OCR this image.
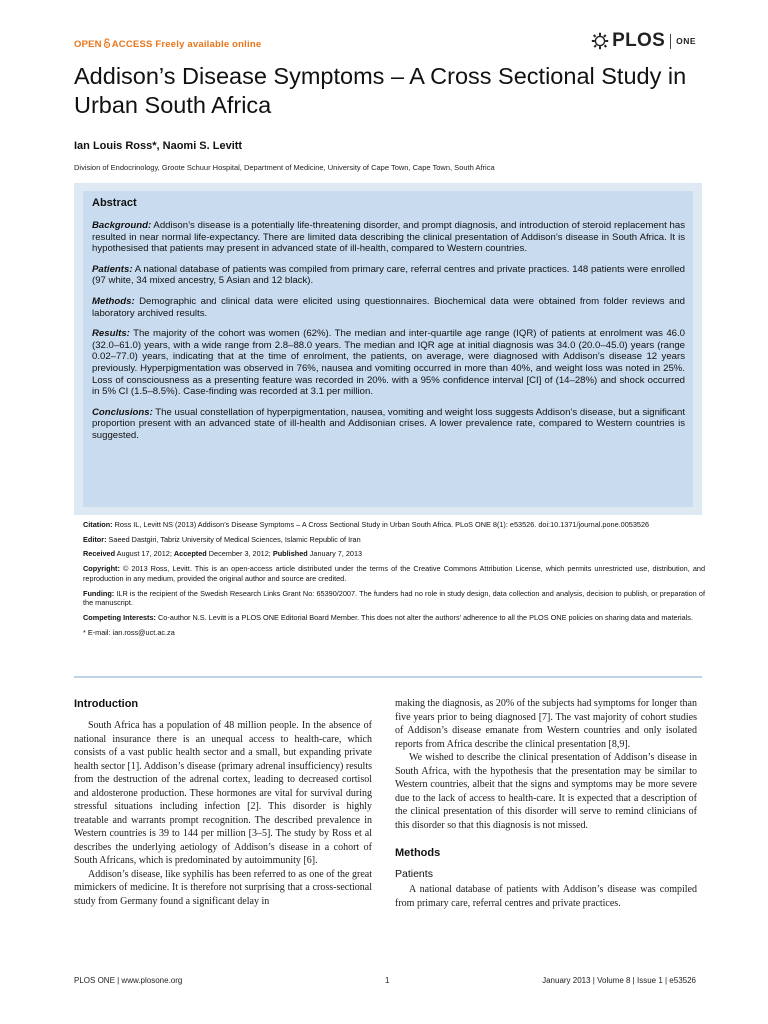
OPEN ACCESS Freely available online	PLOS ONE
Addison’s Disease Symptoms – A Cross Sectional Study in Urban South Africa
Ian Louis Ross*, Naomi S. Levitt
Division of Endocrinology, Groote Schuur Hospital, Department of Medicine, University of Cape Town, Cape Town, South Africa
Abstract

Background: Addison’s disease is a potentially life-threatening disorder, and prompt diagnosis, and introduction of steroid replacement has resulted in near normal life-expectancy. There are limited data describing the clinical presentation of Addison’s disease in South Africa. It is hypothesised that patients may present in advanced state of ill-health, compared to Western countries.

Patients: A national database of patients was compiled from primary care, referral centres and private practices. 148 patients were enrolled (97 white, 34 mixed ancestry, 5 Asian and 12 black).

Methods: Demographic and clinical data were elicited using questionnaires. Biochemical data were obtained from folder reviews and laboratory archived results.

Results: The majority of the cohort was women (62%). The median and inter-quartile age range (IQR) of patients at enrolment was 46.0 (32.0–61.0) years, with a wide range from 2.8–88.0 years. The median and IQR age at initial diagnosis was 34.0 (20.0–45.0) years (range 0.02–77.0) years, indicating that at the time of enrolment, the patients, on average, were diagnosed with Addison’s disease 12 years previously. Hyperpigmentation was observed in 76%, nausea and vomiting occurred in more than 40%, and weight loss was noted in 25%. Loss of consciousness as a presenting feature was recorded in 20%. with a 95% confidence interval [CI] of (14–28%) and shock occurred in 5% CI (1.5–8.5%). Case-finding was recorded at 3.1 per million.

Conclusions: The usual constellation of hyperpigmentation, nausea, vomiting and weight loss suggests Addison’s disease, but a significant proportion present with an advanced state of ill-health and Addisonian crises. A lower prevalence rate, compared to Western countries is suggested.

Citation: Ross IL, Levitt NS (2013) Addison’s Disease Symptoms – A Cross Sectional Study in Urban South Africa. PLoS ONE 8(1): e53526. doi:10.1371/journal.pone.0053526

Editor: Saeed Dastgiri, Tabriz University of Medical Sciences, Islamic Republic of Iran

Received August 17, 2012; Accepted December 3, 2012; Published January 7, 2013

Copyright: © 2013 Ross, Levitt. This is an open-access article distributed under the terms of the Creative Commons Attribution License, which permits unrestricted use, distribution, and reproduction in any medium, provided the original author and source are credited.

Funding: ILR is the recipient of the Swedish Research Links Grant No: 65390/2007. The funders had no role in study design, data collection and analysis, decision to publish, or preparation of the manuscript.

Competing Interests: Co-author N.S. Levitt is a PLOS ONE Editorial Board Member. This does not alter the authors’ adherence to all the PLOS ONE policies on sharing data and materials.

* E-mail: ian.ross@uct.ac.za

Introduction

South Africa has a population of 48 million people. In the absence of national insurance there is an unequal access to health-care, which consists of a vast public health sector and a small, but expanding private health sector [1]. Addison’s disease (primary adrenal insufficiency) results from the destruction of the adrenal cortex, leading to decreased cortisol and aldosterone production. These hormones are vital for survival during stressful situations including infection [2]. This disorder is highly treatable and warrants prompt recognition. The described prevalence in Western countries is 39 to 144 per million [3–5]. The study by Ross et al describes the underlying aetiology of Addison’s disease in a cohort of South Africans, which is predominated by autoimmunity [6].

Addison’s disease, like syphilis has been referred to as one of the great mimickers of medicine. It is therefore not surprising that a cross-sectional study from Germany found a significant delay in

making the diagnosis, as 20% of the subjects had symptoms for longer than five years prior to being diagnosed [7]. The vast majority of cohort studies of Addison’s disease emanate from Western countries and only isolated reports from Africa describe the clinical presentation [8,9].

We wished to describe the clinical presentation of Addison’s disease in South Africa, with the hypothesis that the presentation may be similar to Western countries, albeit that the signs and symptoms may be more severe due to the lack of access to health-care. It is expected that a description of the clinical presentation of this disorder will serve to remind clinicians of this disorder so that this diagnosis is not missed.

Methods
Patients

A national database of patients with Addison’s disease was compiled from primary care, referral centres and private practices.

PLOS ONE | www.plosone.org	1	January 2013 | Volume 8 | Issue 1 | e53526
